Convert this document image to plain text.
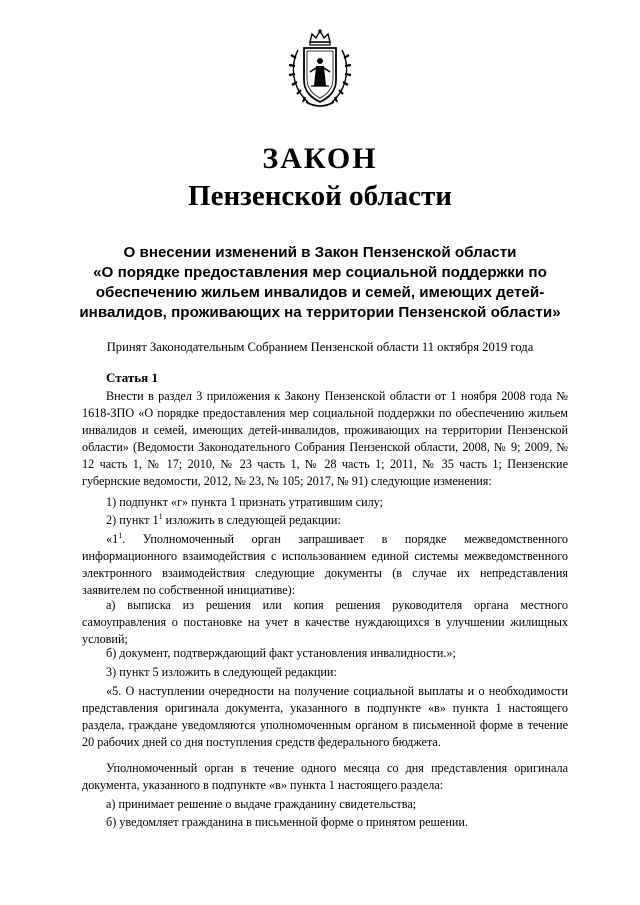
ЗАКОН
Пензенской области
О внесении изменений в Закон Пензенской области
«О порядке предоставления мер социальной поддержки по
обеспечению жильем инвалидов и семей, имеющих детей-
инвалидов, проживающих на территории Пензенской области»
Принят Законодательным Собранием Пензенской области 11 октября 2019 года
Статья 1

Внести в раздел 3 приложения к Закону Пензенской области от 1 ноября 2008 года № 1618-ЗПО «О порядке предоставления мер социальной поддержки по обеспечению жильем инвалидов и семей, имеющих детей-инвалидов, проживающих на территории Пензенской области» (Ведомости Законодательного Собрания Пензенской области, 2008, № 9; 2009, № 12 часть 1, № 17; 2010, № 23 часть 1, № 28 часть 1; 2011, № 35 часть 1; Пензенские губернские ведомости, 2012, № 23, № 105; 2017, № 91) следующие изменения:

1) подпункт «г» пункта 1 признать утратившим силу;

2) пункт $1^1$ изложить в следующей редакции:

«$1^1$. Уполномоченный орган запрашивает в порядке межведомственного информационного взаимодействия с использованием единой системы межведомственного электронного взаимодействия следующие документы (в случае их непредставления заявителем по собственной инициативе):

а) выписка из решения или копия решения руководителя органа местного самоуправления о постановке на учет в качестве нуждающихся в улучшении жилищных условий;

б) документ, подтверждающий факт установления инвалидности.»;

3) пункт 5 изложить в следующей редакции:

«5. О наступлении очередности на получение социальной выплаты и о необходимости представления оригинала документа, указанного в подпункте «в» пункта 1 настоящего раздела, граждане уведомляются уполномоченным органом в письменной форме в течение 20 рабочих дней со дня поступления средств федерального бюджета.

Уполномоченный орган в течение одного месяца со дня представления оригинала документа, указанного в подпункте «в» пункта 1 настоящего раздела:

а) принимает решение о выдаче гражданину свидетельства;

б) уведомляет гражданина в письменной форме о принятом решении.
